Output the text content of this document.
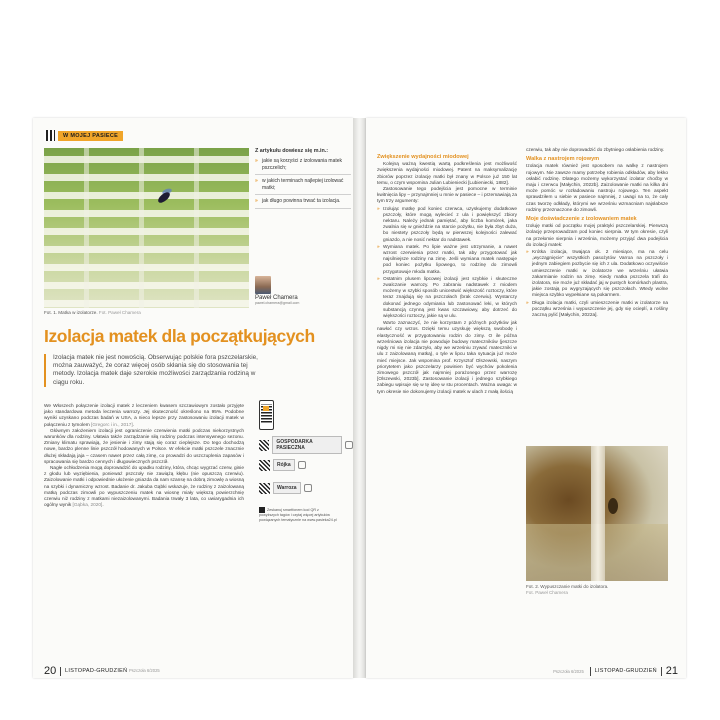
W MOJEJ PASIECE
Fot. 1. Matka w izolatorze. Fot. Paweł Chamera
Z artykułu dowiesz się m.in.:
» jakie są korzyści z izolowania matek pszczelich;
» w jakich terminach najlepiej izolować matki;
» jak długo powinna trwać ta izolacja.
Paweł Chamera
pawel.chamera@gmail.com
Izolacja matek dla początkujących
Izolacja matek nie jest nowością. Obserwując polskie fora pszczelarskie, można zauważyć, że coraz więcej osób skłania się do stosowania tej metody. Izolacja matek daje szerokie możliwości zarządzania rodziną w ciągu roku.

We Włoszech połączenie izolacji matek z leczeniem kwasem szczawiowym zostało przyjęte jako standardowa metoda leczenia warrozy. Jej skuteczność określono na 95%. Podobne wyniki uzyskano podczas badań w USA, a nieco lepsze przy zastosowaniu izolacji matek w połączeniu z tymolem [Gregorc i in., 2017].

Głównym założeniem izolacji jest ograniczenie czerwienia matki podczas niekorzystnych warunków dla rodziny. Ułatwia także zarządzanie siłą rodziny podczas intensywnego sezonu. Zmiany klimatu sprawiają, że jesienie i zimy stają się coraz cieplejsze. Do tego dochodzą nowe, bardzo plenne linie pszczół hodowanych w Polsce. W efekcie matki pszczele znacznie dłużej składają jaja – czasem nawet przez całą zimę, co prowadzi do uszczuplenia zapasów i spracowania się bardzo cennych i długowiecznych pszczół.

Nagłe ochłodzenia mogą doprowadzić do upadku rodziny, która, chcąc wygrzać czerw, ginie z głodu lub wyziębienia, ponieważ pszczoły nie zawiążą kłębu (nie opuszczą czerwiu). Zaizolowanie matki i odpowiednie ułożenie gniazda da nam szansę na dobrą zimowlę a wiosną na szybki i dynamiczny wzrost. Badanie dr. Jakuba Gąbki wskazuje, że rodziny z zaizolowaną matką podczas zimowli po wypuszczeniu matek na wiosnę miały większą powierzchnię czerwiu niż rodziny z matkami niezaizolowanymi. Badania trwały 3 lata, co uwiarygadnia ich ogólny wynik [Gąbka, 2020].

GOSPODARKA PASIECZNA
Rójka
Warroza
Zeskanuj smartfonem kod QR z powyższych tagów i czytaj więcej artykułów powiązanych tematycznie na www.pasieka24.pl
20 LISTOPAD-GRUDZIEŃ Pszczoła 6/2025
Zwiększenie wydajności miodowej

Kolejną ważną kwestią wartą podkreślenia jest możliwość zwiększenia wydajności miodowej. Patent na maksymalizację zbiorów poprzez izolację matki był znany w Polsce już 150 lat temu, o czym wspomina Julian Lubieniecki [Lubieniecki, 1882].

Zastosowanie tego podejścia jest pomocne w terminie kwitnięcia lipy – przynajmniej u mnie w pasiece – i przemawiają za tym trzy argumenty:

» Izolując matkę pod koniec czerwca, uzyskujemy dodatkowe pszczoły, które mogą wylecieć z ula i powiększyć zbiory nektaru. Należy jednak pamiętać, aby liczba komórek, jaka zwalnia się w gnieździe na starcie pożytku, nie była zbyt duża, bo niestety pszczoły będą w pierwszej kolejności zalewać gniazdo, a nie nosić nektar do nadstawek.
» Wymiana matek. Po lipie ważne jest utrzymanie, a nawet wzrost czerwienia przez matki, tak aby przygotować jak najsilniejsze rodziny na zimę. Jeśli wymiana matek następuje pod koniec pożytku lipowego, to rodzinę do zimowli przygotowuje młoda matka.
» Ostatnim plusem lipcowej izolacji jest szybkie i skuteczne zwalczanie warrozy. Po zabraniu nadstawek z miodem możemy w szybki sposób unicestwić większość roztoczy, które teraz znajdują się na pszczołach (brak czerwiu). Wystarczy dokonać jednego odymiania lub zastosować leki, w których substancją czynną jest kwas szczawiowy, aby dotrzeć do większości roztoczy, jakie są w ulu.

Warto zaznaczyć, że nie korzystam z późnych pożytków jak nawłoć czy wrzos. Dzięki temu uzyskuję większą swobodę i elastyczność w przygotowaniu rodzin do zimy. O ile późna wrześniowa izolacja nie powoduje budowy mateczników (jeszcze nigdy mi się nie zdarzyło, aby we wrześniu zrywać mateczniki w ulu z zaizolowaną matką), o tyle w lipcu taka sytuacja już może mieć miejsce. Jak wspomina prof. Krzysztof Olszewski, naszym priorytetem jako pszczelarzy powinien być wychów pokolenia zimowego pszczół jak najmniej porażonego przez warrozę [Olszewski, 2023b]. Zastosowanie izolacji i jednego szybkiego zabiegu wpisuje się w tę ideę w stu procentach. Ważna uwaga: w tym okresie nie dokonujemy izolacji matek w ulach z małą ilością

czerwiu, tak aby nie doprowadzić do zbytniego osłabienia rodziny.

Walka z nastrojem rojowym

Izolacja matek również jest sposobem na walkę z nastrojem rojowym. Nie zawsze mamy potrzebę robienia odkładów, aby lekko osłabić rodzinę. Dlatego możemy wykorzystać izolator choćby w maju i czerwcu [Małychin, 2022b]. Zaizolowanie matki na kilka dni może pomóc w rozładowaniu nastroju rojowego. Ten aspekt sprawdziłem u siebie w pasiece najmniej, z uwagi na to, że cały czas tworzę odkłady, którymi we wrześniu wzmacniam najsłabsze rodziny przeznaczone do zimowli.

Moje doświadczenie z izolowaniem matek

Izoluję matki od początku mojej praktyki pszczelarskiej. Pierwszą izolację przeprowadzam pod koniec sierpnia. W tym okresie, czyli na przełomie sierpnia i września, możemy przyjąć dwa podejścia do izolacji matek:

» Krótka izolacja, trwająca ok. 2 miesiące, ma na celu „wyczągnięcie” wszystkich pasożytów Varroa na pszczoły i jednym zabiegiem pozbycie się ich z ula. Dodatkowo oczywiście umieszczenie matki w izolatorze we wrześniu ułatwia zakarmianie rodzin na zimę. Kiedy matka pszczela trafi do izolatora, nie może już składać jaj w pustych komórkach plastra, jakie zostają po wygryzających się pszczołach. Wtedy wolne miejsca szybko wypełniane są pokarmem.
» Długa izolacja matki, czyli umieszczenie matki w izolatorze na początku września i wypuszczenie jej, gdy się ocieplí, a rośliny zaczną pylić [Małychin, 2022a].
Fot. 2. Wypuszczanie matki do izolatora.
Fot. Paweł Chamera
Pszczoła 6/2025 LISTOPAD-GRUDZIEŃ 21
